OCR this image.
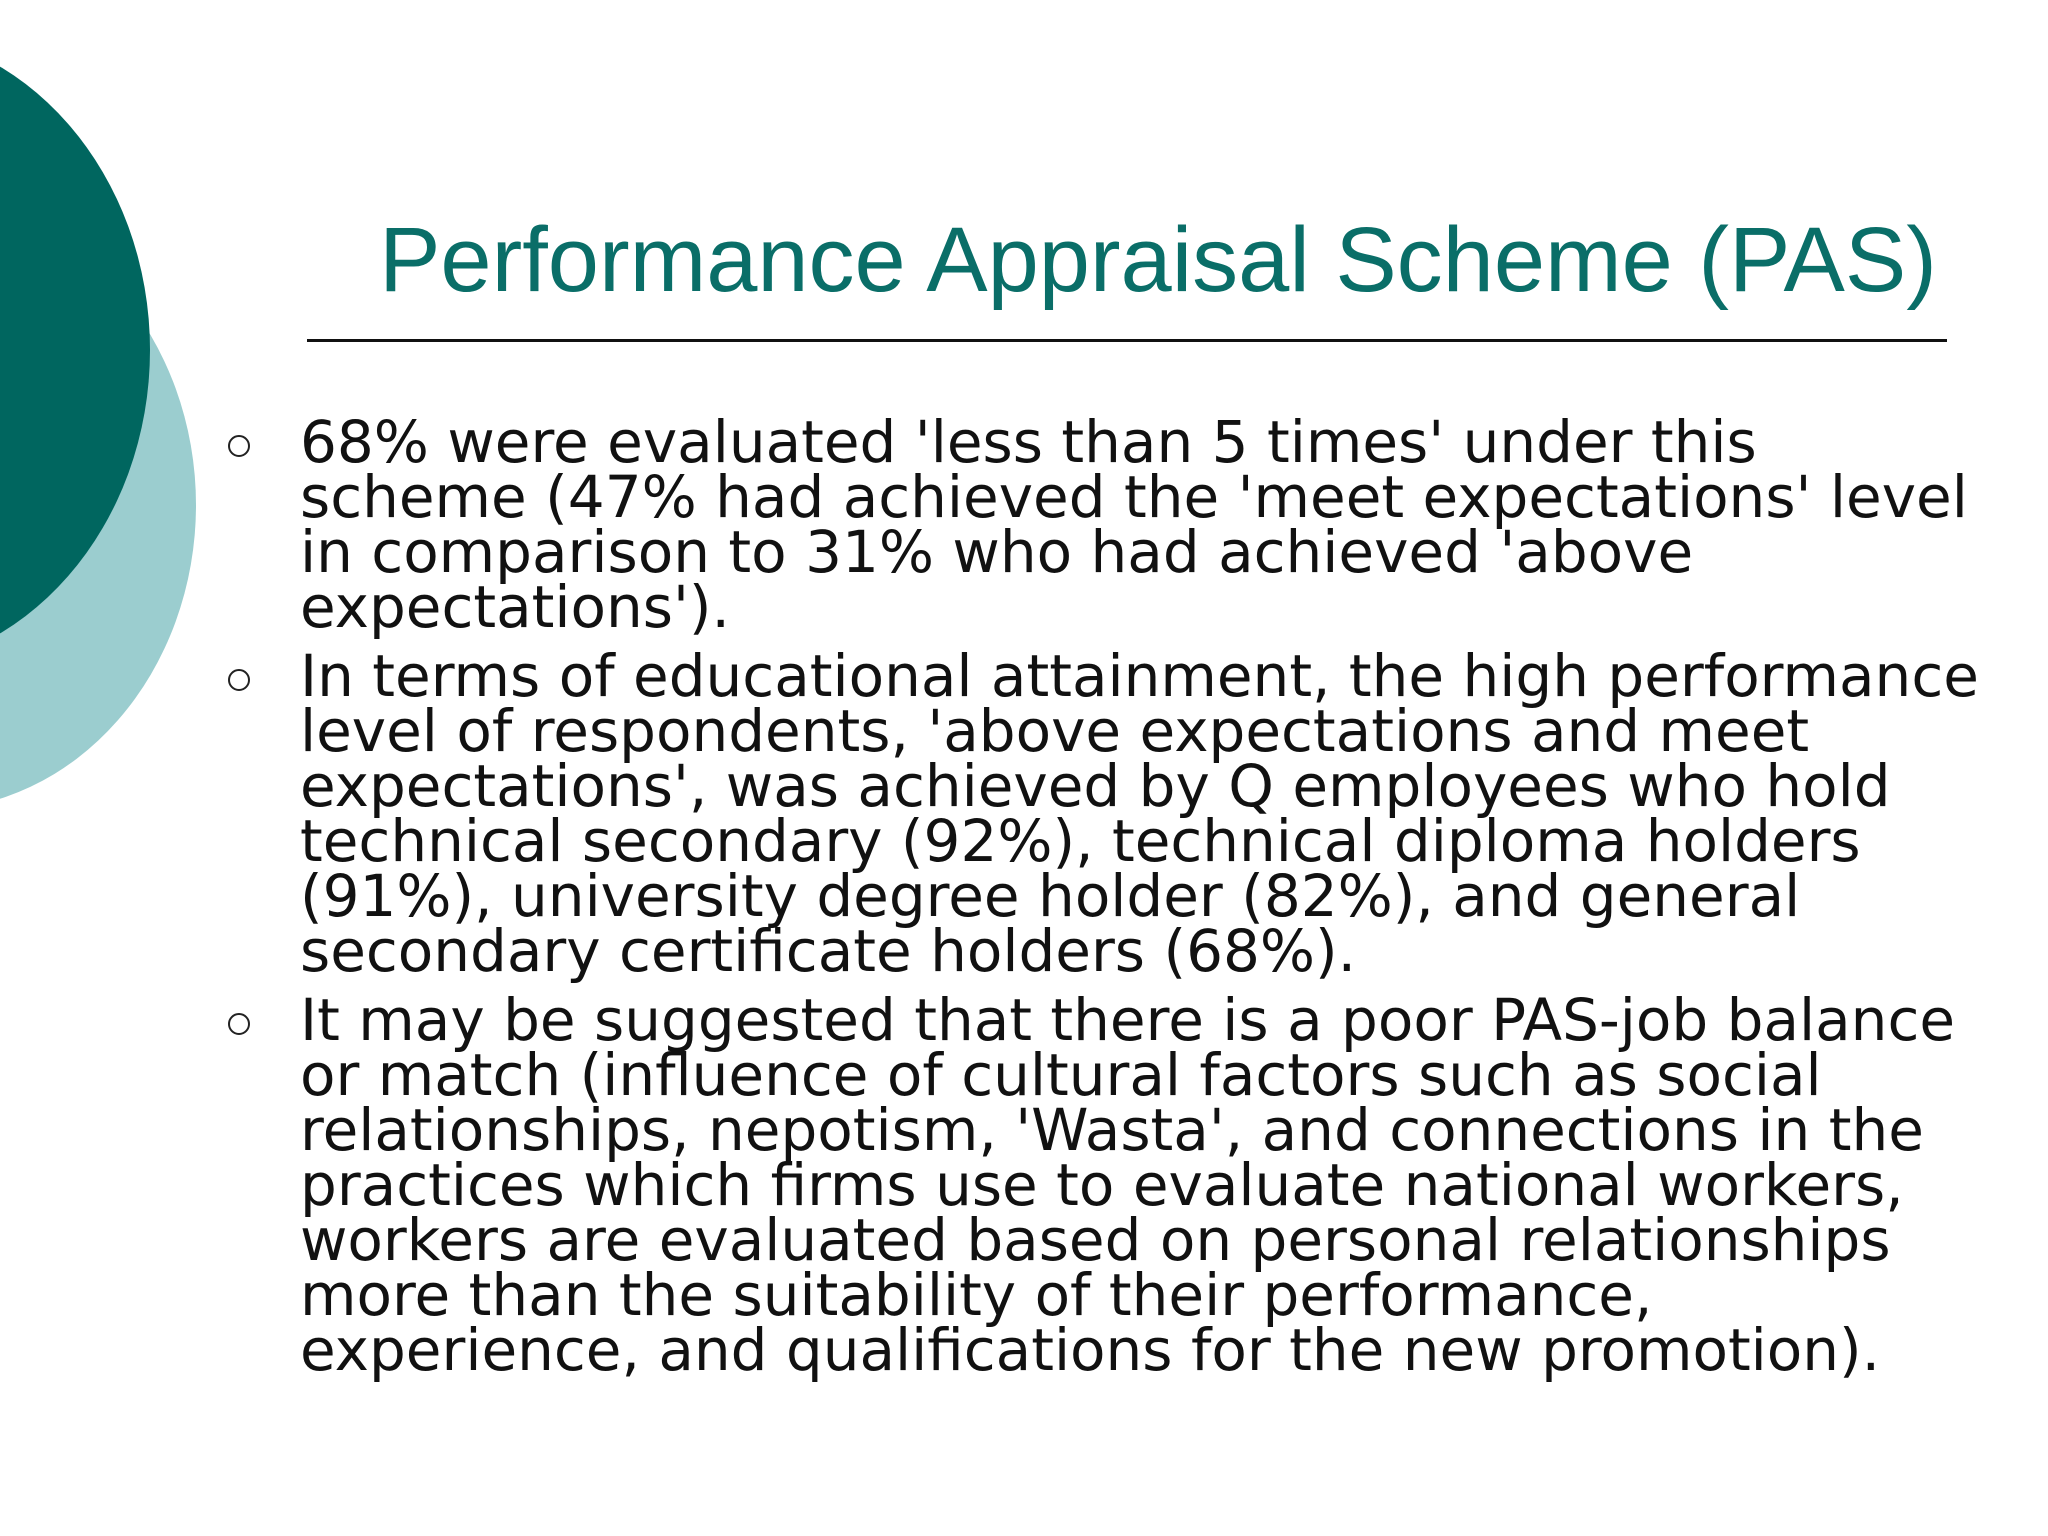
Performance Appraisal Scheme (PAS)
68% were evaluated 'less than 5 times' under this scheme (47% had achieved the 'meet expectations' level in comparison to 31% who had achieved 'above expectations').
In terms of educational attainment, the high performance level of respondents, 'above expectations and meet expectations', was achieved by Q employees who hold technical secondary (92%), technical diploma holders (91%), university degree holder (82%), and general secondary certificate holders (68%).
It may be suggested that there is a poor PAS-job balance or match (influence of cultural factors such as social relationships, nepotism, 'Wasta', and connections in the practices which firms use to evaluate national workers, workers are evaluated based on personal relationships more than the suitability of their performance, experience, and qualifications for the new promotion).
